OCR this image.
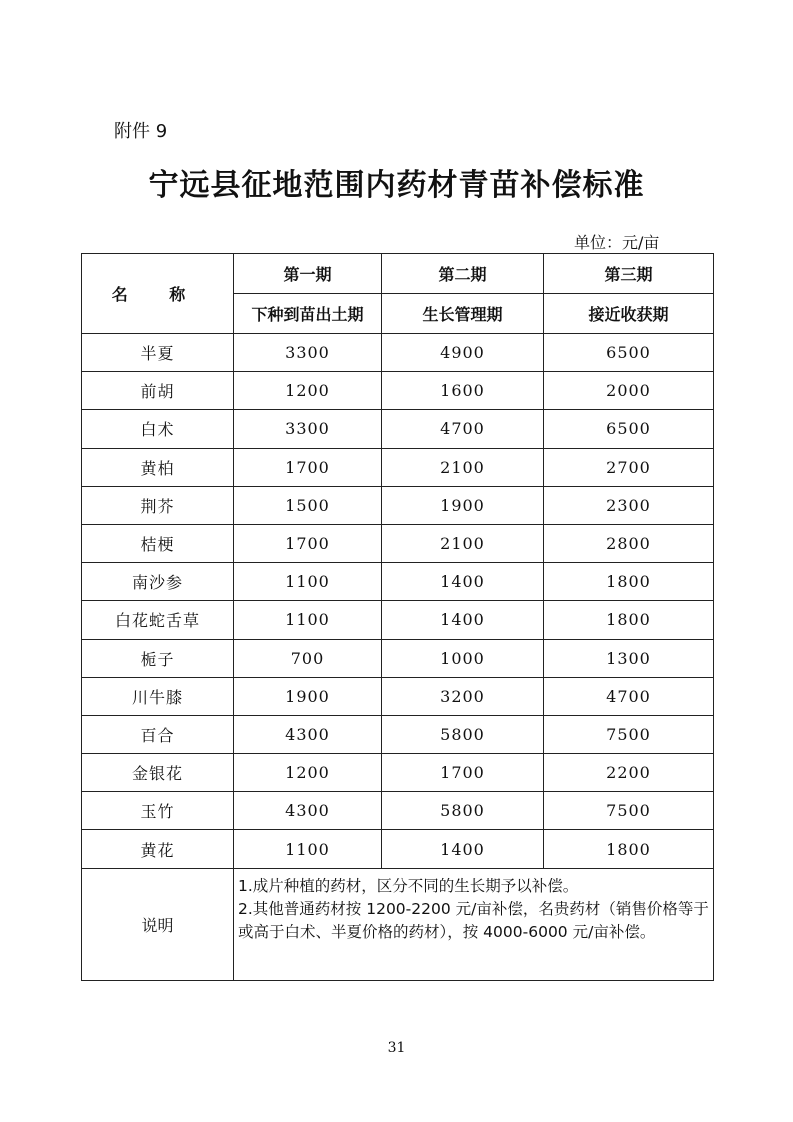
附件 9
宁远县征地范围内药材青苗补偿标准
单位：元/亩
名 称	第一期	第二期	第三期
	下种到苗出土期	生长管理期	接近收获期
半夏	3300	4900	6500
前胡	1200	1600	2000
白术	3300	4700	6500
黄柏	1700	2100	2700
荆芥	1500	1900	2300
桔梗	1700	2100	2800
南沙参	1100	1400	1800
白花蛇舌草	1100	1400	1800
栀子	700	1000	1300
川牛膝	1900	3200	4700
百合	4300	5800	7500
金银花	1200	1700	2200
玉竹	4300	5800	7500
黄花	1100	1400	1800
说明	1.成片种植的药材，区分不同的生长期予以补偿。
2.其他普通药材按 1200-2200 元/亩补偿，名贵药材（销售价格等于或高于白术、半夏价格的药材），按 4000-6000 元/亩补偿。		
31
